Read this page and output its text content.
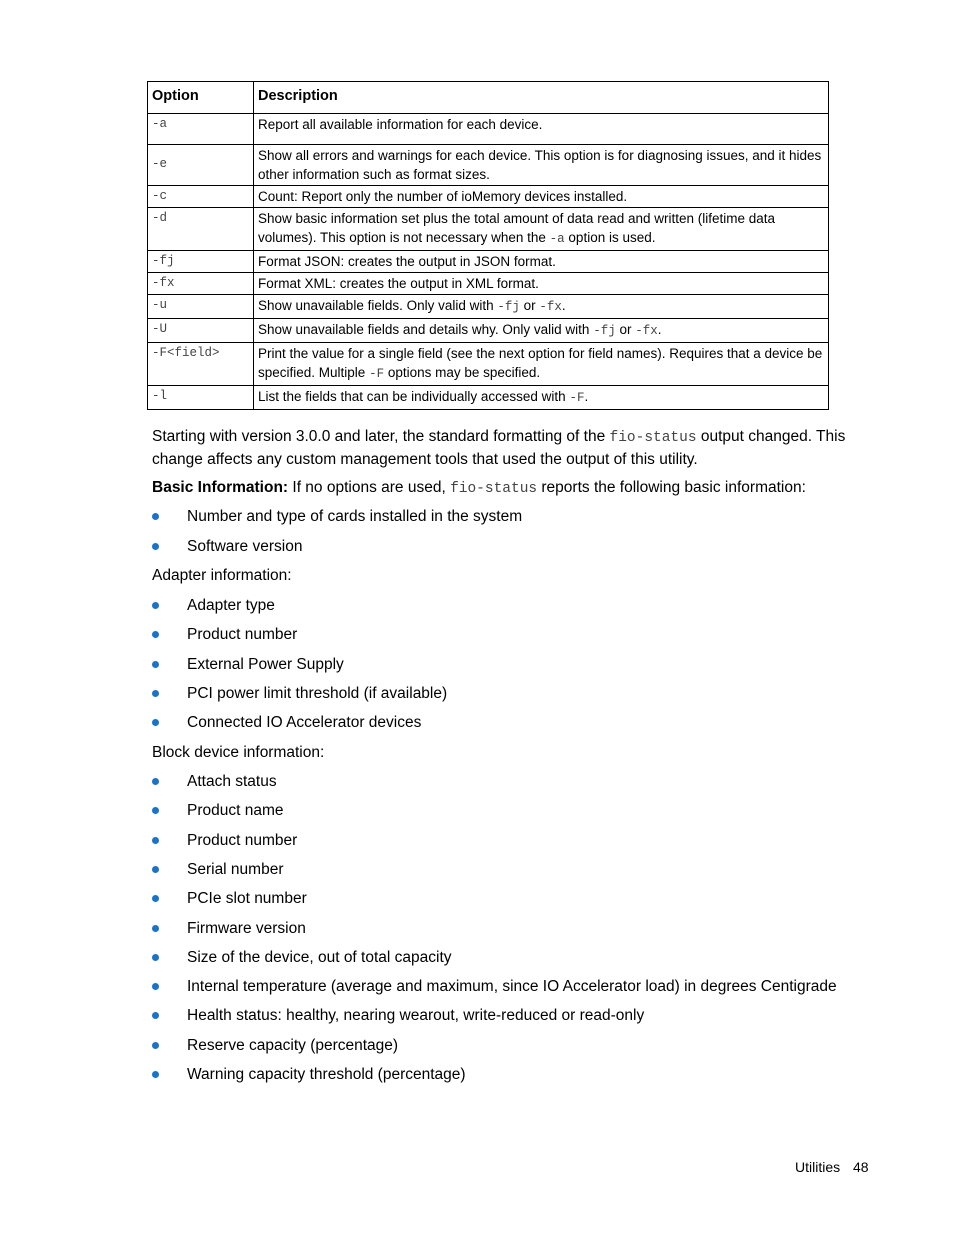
Option	Description
-a	Report all available information for each device.
-e	Show all errors and warnings for each device. This option is for diagnosing issues, and it hides other information such as format sizes.
-c	Count: Report only the number of ioMemory devices installed.
-d	Show basic information set plus the total amount of data read and written (lifetime data volumes). This option is not necessary when the -a option is used.
-fj	Format JSON: creates the output in JSON format.
-fx	Format XML: creates the output in XML format.
-u	Show unavailable fields. Only valid with -fj or -fx.
-U	Show unavailable fields and details why. Only valid with -fj or -fx.
-F<field>	Print the value for a single field (see the next option for field names). Requires that a device be specified. Multiple -F options may be specified.
-l	List the fields that can be individually accessed with -F.
Starting with version 3.0.0 and later, the standard formatting of the fio-status output changed. This change affects any custom management tools that used the output of this utility.
Basic Information: If no options are used, fio-status reports the following basic information:
Number and type of cards installed in the system
Software version
Adapter information:
Adapter type
Product number
External Power Supply
PCI power limit threshold (if available)
Connected IO Accelerator devices
Block device information:
Attach status
Product name
Product number
Serial number
PCIe slot number
Firmware version
Size of the device, out of total capacity
Internal temperature (average and maximum, since IO Accelerator load) in degrees Centigrade
Health status: healthy, nearing wearout, write-reduced or read-only
Reserve capacity (percentage)
Warning capacity threshold (percentage)
Utilities 48
